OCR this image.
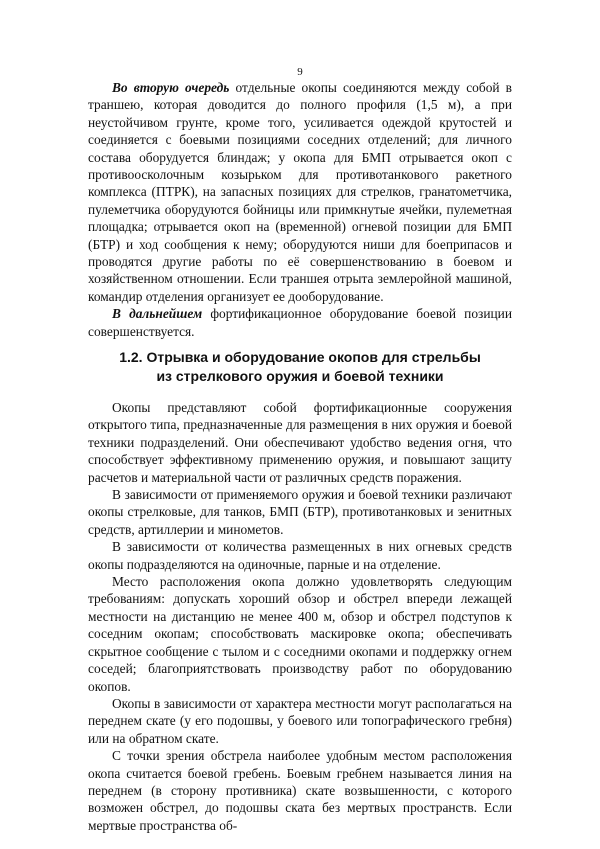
9

Во вторую очередь отдельные окопы соединяются между собой в траншею, которая доводится до полного профиля (1,5 м), а при неустойчивом грунте, кроме того, усиливается одеждой крутостей и соединяется с боевыми позициями соседних отделений; для личного состава оборудуется блиндаж; у окопа для БМП отрывается окоп с противоосколочным козырьком для противотанкового ракетного комплекса (ПТРК), на запасных позициях для стрелков, гранатометчика, пулеметчика оборудуются бойницы или примкнутые ячейки, пулеметная площадка; отрывается окоп на (временной) огневой позиции для БМП (БТР) и ход сообщения к нему; оборудуются ниши для боеприпасов и проводятся другие работы по её совершенствованию в боевом и хозяйственном отношении. Если траншея отрыта землеройной машиной, командир отделения организует ее дооборудование.

В дальнейшем фортификационное оборудование боевой позиции совершенствуется.

1.2. Отрывка и оборудование окопов для стрельбы
из стрелкового оружия и боевой техники

Окопы представляют собой фортификационные сооружения открытого типа, предназначенные для размещения в них оружия и боевой техники подразделений. Они обеспечивают удобство ведения огня, что способствует эффективному применению оружия, и повышают защиту расчетов и материальной части от различных средств поражения.

В зависимости от применяемого оружия и боевой техники различают окопы стрелковые, для танков, БМП (БТР), противотанковых и зенитных средств, артиллерии и минометов.

В зависимости от количества размещенных в них огневых средств окопы подразделяются на одиночные, парные и на отделение.

Место расположения окопа должно удовлетворять следующим требованиям: допускать хороший обзор и обстрел впереди лежащей местности на дистанцию не менее 400 м, обзор и обстрел подступов к соседним окопам; способствовать маскировке окопа; обеспечивать скрытное сообщение с тылом и с соседними окопами и поддержку огнем соседей; благоприятствовать производству работ по оборудованию окопов.

Окопы в зависимости от характера местности могут располагаться на переднем скате (у его подошвы, у боевого или топографического гребня) или на обратном скате.

С точки зрения обстрела наиболее удобным местом расположения окопа считается боевой гребень. Боевым гребнем называется линия на переднем (в сторону противника) скате возвышенности, с которого возможен обстрел, до подошвы ската без мертвых пространств. Если мертвые пространства об-
